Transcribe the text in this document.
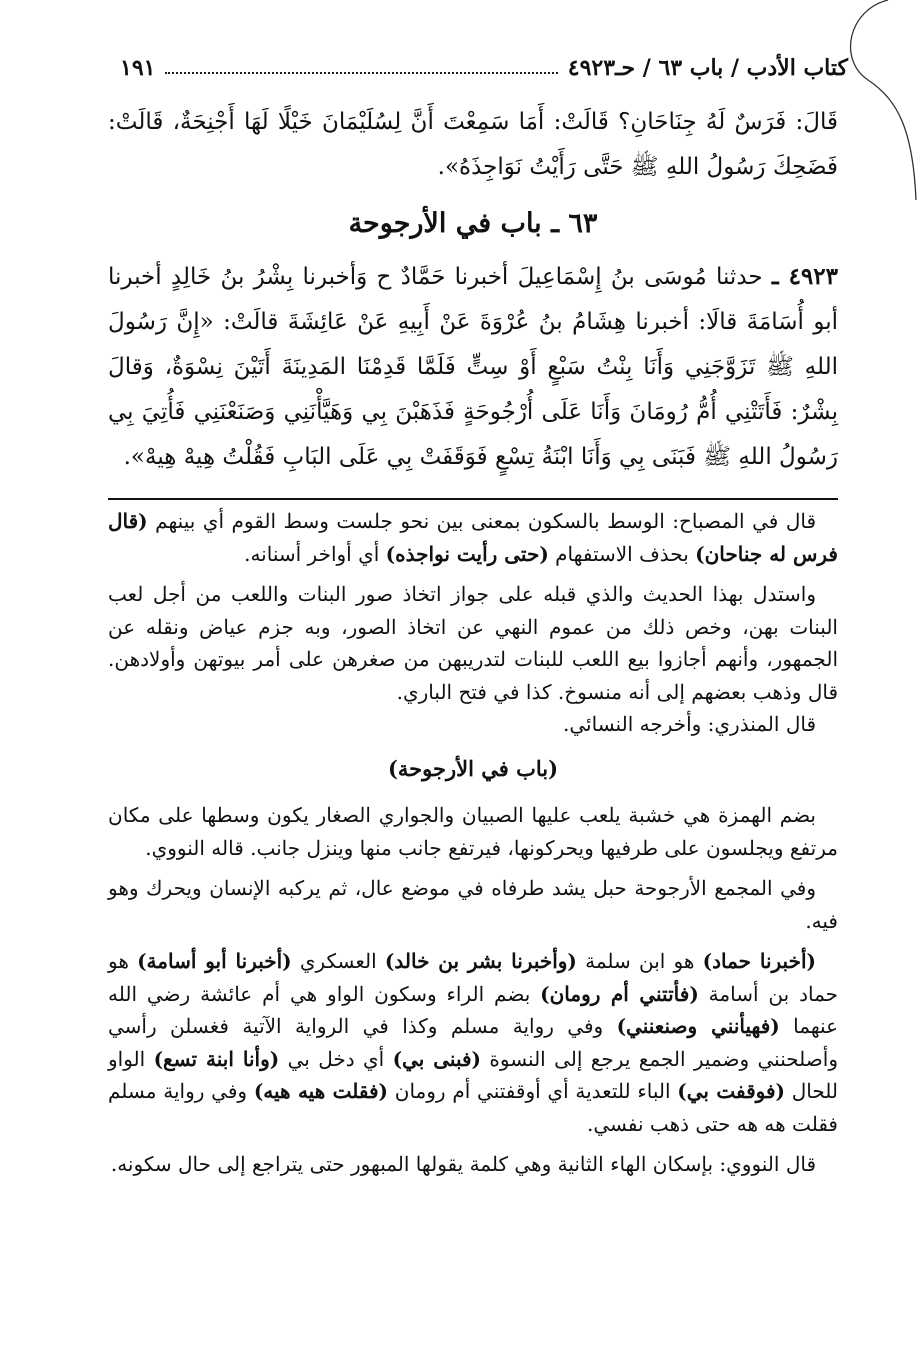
كتاب الأدب / باب ٦٣ / حـ٤٩٢٣
١٩١

قَالَ: فَرَسٌ لَهُ جِنَاحَانِ؟ قَالَتْ: أَمَا سَمِعْتَ أَنَّ لِسُلَيْمَانَ خَيْلًا لَهَا أَجْنِحَةٌ، قَالَتْ: فَضَحِكَ رَسُولُ اللهِ ﷺ حَتَّى رَأَيْتُ نَوَاجِذَهُ».

٦٣ ـ باب في الأرجوحة

٤٩٢٣ ـ حدثنا مُوسَى بنُ إِسْمَاعِيلَ أخبرنا حَمَّادٌ ح وَأخبرنا بِشْرُ بنُ خَالِدٍ أخبرنا أبو أُسَامَةَ قالَا: أخبرنا هِشَامُ بنُ عُرْوَةَ عَنْ أَبِيهِ عَنْ عَائِشَةَ قالَتْ: «إِنَّ رَسُولَ اللهِ ﷺ تَزَوَّجَنِي وَأَنَا بِنْتُ سَبْعٍ أَوْ سِتٍّ فَلَمَّا قَدِمْنَا المَدِينَةَ أَتَيْنَ نِسْوَةٌ، وَقالَ بِشْرٌ: فَأَتَتْنِي أُمُّ رُومَانَ وَأَنَا عَلَى أُرْجُوحَةٍ فَذَهَبْنَ بِي وَهَيَّأْنَنِي وَصَنَعْنَنِي فَأُتِيَ بِي رَسُولُ اللهِ ﷺ فَبَنَى بِي وَأَنَا ابْنَةُ تِسْعٍ فَوَقَفَتْ بِي عَلَى البَابِ فَقُلْتُ هِيهْ هِيهْ».

قال في المصباح: الوسط بالسكون بمعنى بين نحو جلست وسط القوم أي بينهم (قال فرس له جناحان) بحذف الاستفهام (حتى رأيت نواجذه) أي أواخر أسنانه.

واستدل بهذا الحديث والذي قبله على جواز اتخاذ صور البنات واللعب من أجل لعب البنات بهن، وخص ذلك من عموم النهي عن اتخاذ الصور، وبه جزم عياض ونقله عن الجمهور، وأنهم أجازوا بيع اللعب للبنات لتدريبهن من صغرهن على أمر بيوتهن وأولادهن. قال وذهب بعضهم إلى أنه منسوخ. كذا في فتح الباري.

قال المنذري: وأخرجه النسائي.

(باب في الأرجوحة)

بضم الهمزة هي خشبة يلعب عليها الصبيان والجواري الصغار يكون وسطها على مكان مرتفع ويجلسون على طرفيها ويحركونها، فيرتفع جانب منها وينزل جانب. قاله النووي.

وفي المجمع الأرجوحة حبل يشد طرفاه في موضع عال، ثم يركبه الإنسان ويحرك وهو فيه.

(أخبرنا حماد) هو ابن سلمة (وأخبرنا بشر بن خالد) العسكري (أخبرنا أبو أسامة) هو حماد بن أسامة (فأتتني أم رومان) بضم الراء وسكون الواو هي أم عائشة رضي الله عنهما (فهيأنني وصنعنني) وفي رواية مسلم وكذا في الرواية الآتية فغسلن رأسي وأصلحنني وضمير الجمع يرجع إلى النسوة (فبنى بي) أي دخل بي (وأنا ابنة تسع) الواو للحال (فوقفت بي) الباء للتعدية أي أوقفتني أم رومان (فقلت هيه هيه) وفي رواية مسلم فقلت هه هه حتى ذهب نفسي.

قال النووي: بإسكان الهاء الثانية وهي كلمة يقولها المبهور حتى يتراجع إلى حال سكونه.
